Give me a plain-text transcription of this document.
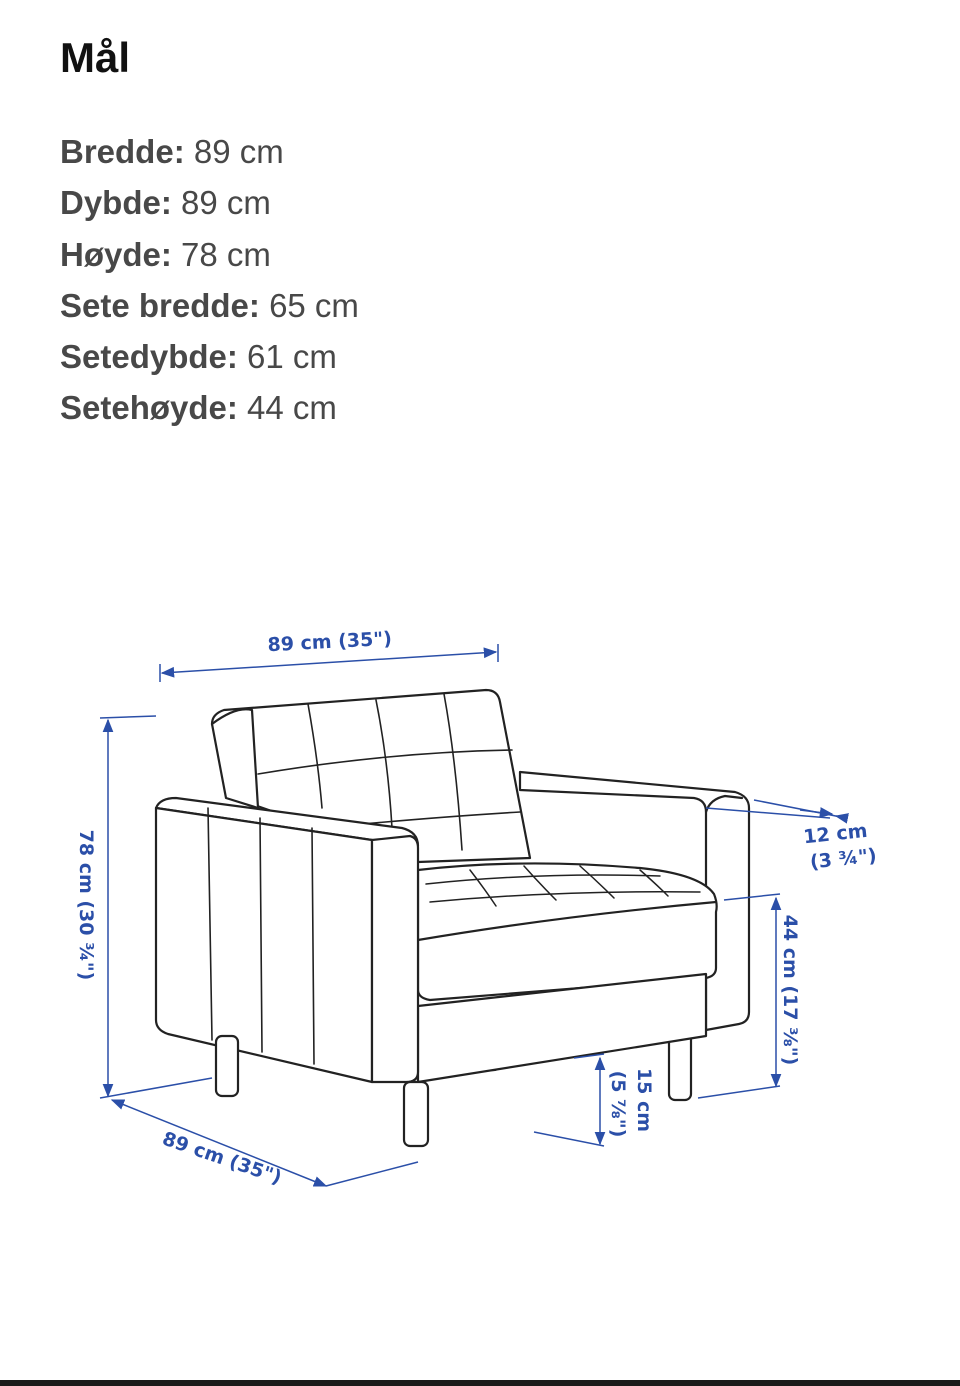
Mål
Bredde: 89 cm
Dybde: 89 cm
Høyde: 78 cm
Sete bredde: 65 cm
Setedybde: 61 cm
Setehøyde: 44 cm
89 cm (35")
78 cm (30 ¾")
89 cm (35")
12 cm
(3 ¾")
44 cm (17 ⅜")
15 cm
(5 ⅞")
